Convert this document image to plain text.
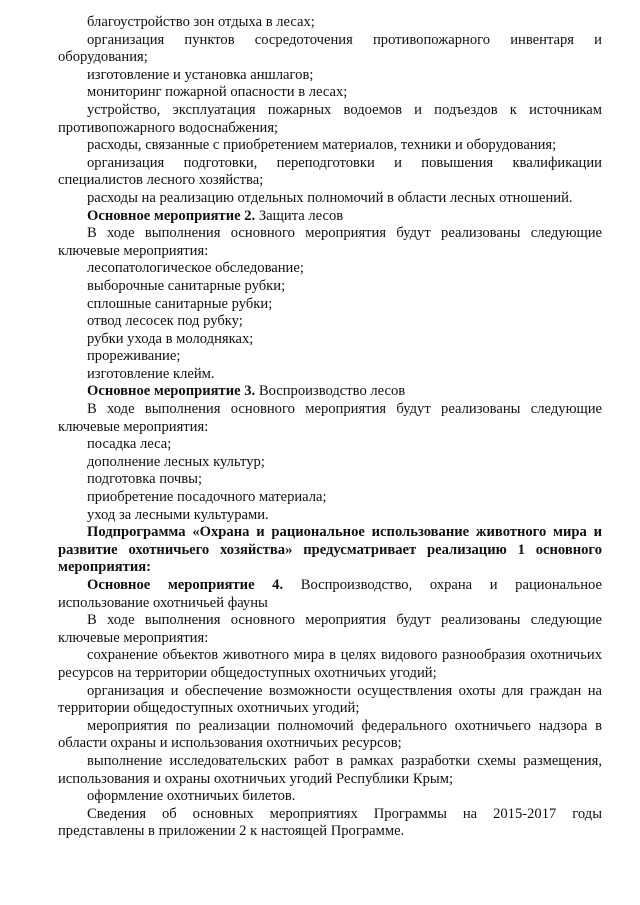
благоустройство зон отдыха в лесах;

организация пунктов сосредоточения противопожарного инвентаря и оборудования;

изготовление и установка аншлагов;

мониторинг пожарной опасности в лесах;

устройство, эксплуатация пожарных водоемов и подъездов к источникам противопожарного водоснабжения;

расходы, связанные с приобретением материалов, техники и оборудования;

организация подготовки, переподготовки и повышения квалификации специалистов лесного хозяйства;

расходы на реализацию отдельных полномочий в области лесных отношений.

Основное мероприятие 2. Защита лесов

В ходе выполнения основного мероприятия будут реализованы следующие ключевые мероприятия:

лесопатологическое обследование;

выборочные санитарные рубки;

сплошные санитарные рубки;

отвод лесосек под рубку;

рубки ухода в молодняках;

прореживание;

изготовление клейм.

Основное мероприятие 3. Воспроизводство лесов

В ходе выполнения основного мероприятия будут реализованы следующие ключевые мероприятия:

посадка леса;

дополнение лесных культур;

подготовка почвы;

приобретение посадочного материала;

уход за лесными культурами.

Подпрограмма «Охрана и рациональное использование животного мира и развитие охотничьего хозяйства» предусматривает реализацию 1 основного мероприятия:

Основное мероприятие 4. Воспроизводство, охрана и рациональное использование охотничьей фауны

В ходе выполнения основного мероприятия будут реализованы следующие ключевые мероприятия:

сохранение объектов животного мира в целях видового разнообразия охотничьих ресурсов на территории общедоступных охотничьих угодий;

организация и обеспечение возможности осуществления охоты для граждан на территории общедоступных охотничьих угодий;

мероприятия по реализации полномочий федерального охотничьего надзора в области охраны и использования охотничьих ресурсов;

выполнение исследовательских работ в рамках разработки схемы размещения, использования и охраны охотничьих угодий Республики Крым;

оформление охотничьих билетов.

Сведения об основных мероприятиях Программы на 2015-2017 годы представлены в приложении 2 к настоящей Программе.
